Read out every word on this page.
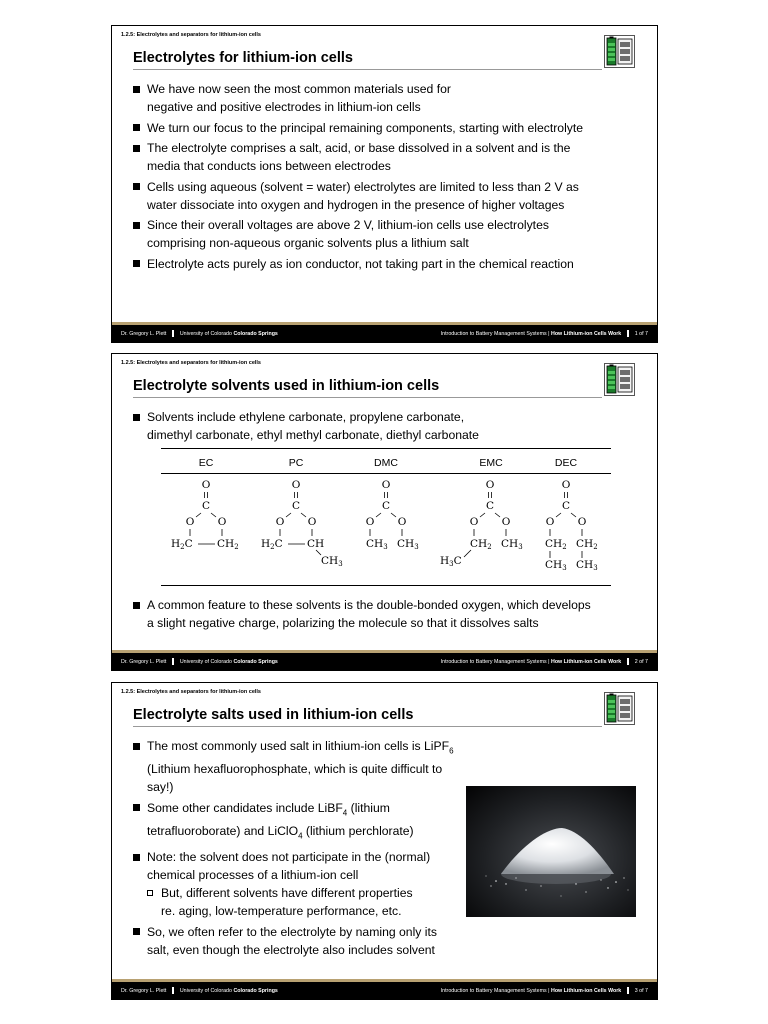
1.2.5: Electrolytes and separators for lithium-ion cells
Electrolytes for lithium-ion cells
We have now seen the most common materials used for
negative and positive electrodes in lithium-ion cells
We turn our focus to the principal remaining components, starting with electrolyte
The electrolyte comprises a salt, acid, or base dissolved in a solvent and is the
media that conducts ions between electrodes
Cells using aqueous (solvent = water) electrolytes are limited to less than 2 V as
water dissociate into oxygen and hydrogen in the presence of higher voltages
Since their overall voltages are above 2 V, lithium-ion cells use electrolytes
comprising non-aqueous organic solvents plus a lithium salt
Electrolyte acts purely as ion conductor, not taking part in the chemical reaction
Dr. Gregory L. Plett	University of Colorado Colorado Springs	Introduction to Battery Management Systems | How Lithium-ion Cells Work	1 of 7
1.2.5: Electrolytes and separators for lithium-ion cells
Electrolyte solvents used in lithium-ion cells
Solvents include ethylene carbonate, propylene carbonate,
dimethyl carbonate, ethyl methyl carbonate, diethyl carbonate
EC	PC	DMC	EMC	DEC
O
C
O O
H2C CH2
O
C
O O
H2C CH
CH3
O
C
O O
CH3 CH3
O
C
O O
CH2 CH3
H3C
O
C
O O
CH2 CH2
CH3 CH3
A common feature to these solvents is the double-bonded oxygen, which develops
a slight negative charge, polarizing the molecule so that it dissolves salts
Dr. Gregory L. Plett	University of Colorado Colorado Springs	Introduction to Battery Management Systems | How Lithium-ion Cells Work	2 of 7
1.2.5: Electrolytes and separators for lithium-ion cells
Electrolyte salts used in lithium-ion cells
The most commonly used salt in lithium-ion cells is LiPF$_6$
(Lithium hexafluorophosphate, which is quite difficult to say!)
Some other candidates include LiBF$_4$ (lithium
tetrafluoroborate) and LiClO$_4$ (lithium perchlorate)
Note: the solvent does not participate in the (normal)
chemical processes of a lithium-ion cell
But, different solvents have different properties
re. aging, low-temperature performance, etc.
So, we often refer to the electrolyte by naming only its
salt, even though the electrolyte also includes solvent
Dr. Gregory L. Plett	University of Colorado Colorado Springs	Introduction to Battery Management Systems | How Lithium-ion Cells Work	3 of 7
